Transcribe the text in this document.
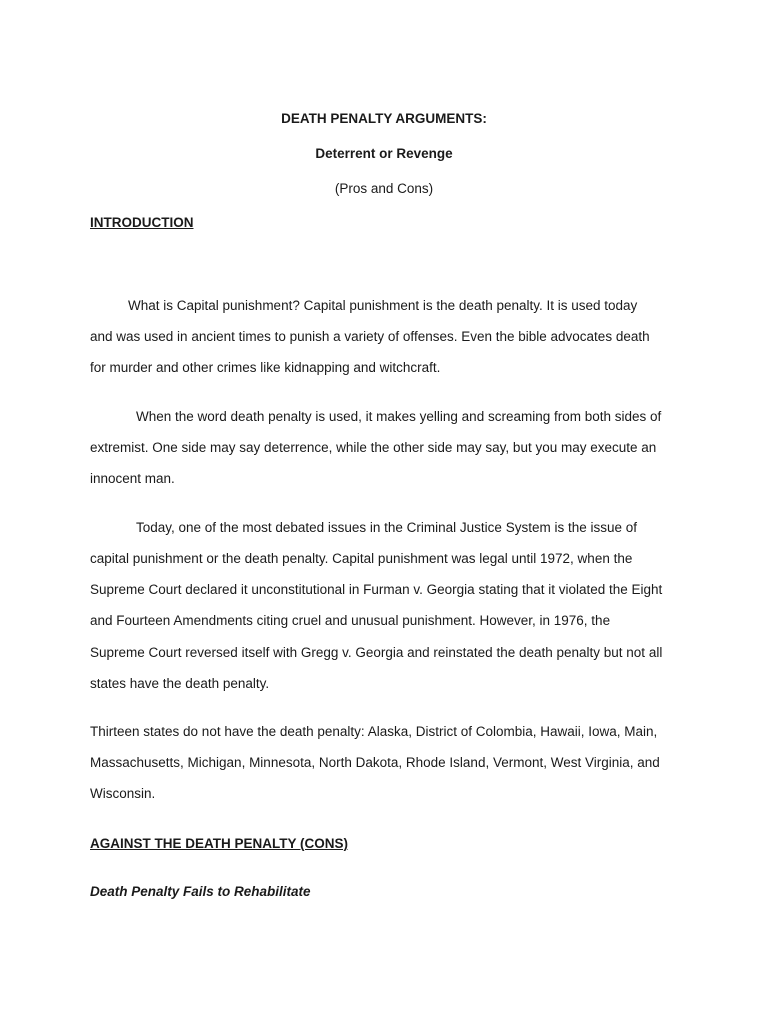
DEATH PENALTY ARGUMENTS:
Deterrent or Revenge
(Pros and Cons)
INTRODUCTION
What is Capital punishment? Capital punishment is the death penalty. It is used today
and was used in ancient times to punish a variety of offenses. Even the bible advocates death
for murder and other crimes like kidnapping and witchcraft.
When the word death penalty is used, it makes yelling and screaming from both sides of
extremist. One side may say deterrence, while the other side may say, but you may execute an
innocent man.
Today, one of the most debated issues in the Criminal Justice System is the issue of
capital punishment or the death penalty. Capital punishment was legal until 1972, when the
Supreme Court declared it unconstitutional in Furman v. Georgia stating that it violated the Eight
and Fourteen Amendments citing cruel and unusual punishment. However, in 1976, the
Supreme Court reversed itself with Gregg v. Georgia and reinstated the death penalty but not all
states have the death penalty.
Thirteen states do not have the death penalty: Alaska, District of Colombia, Hawaii, Iowa, Main,
Massachusetts, Michigan, Minnesota, North Dakota, Rhode Island, Vermont, West Virginia, and
Wisconsin.
AGAINST THE DEATH PENALTY (CONS)
Death Penalty Fails to Rehabilitate
